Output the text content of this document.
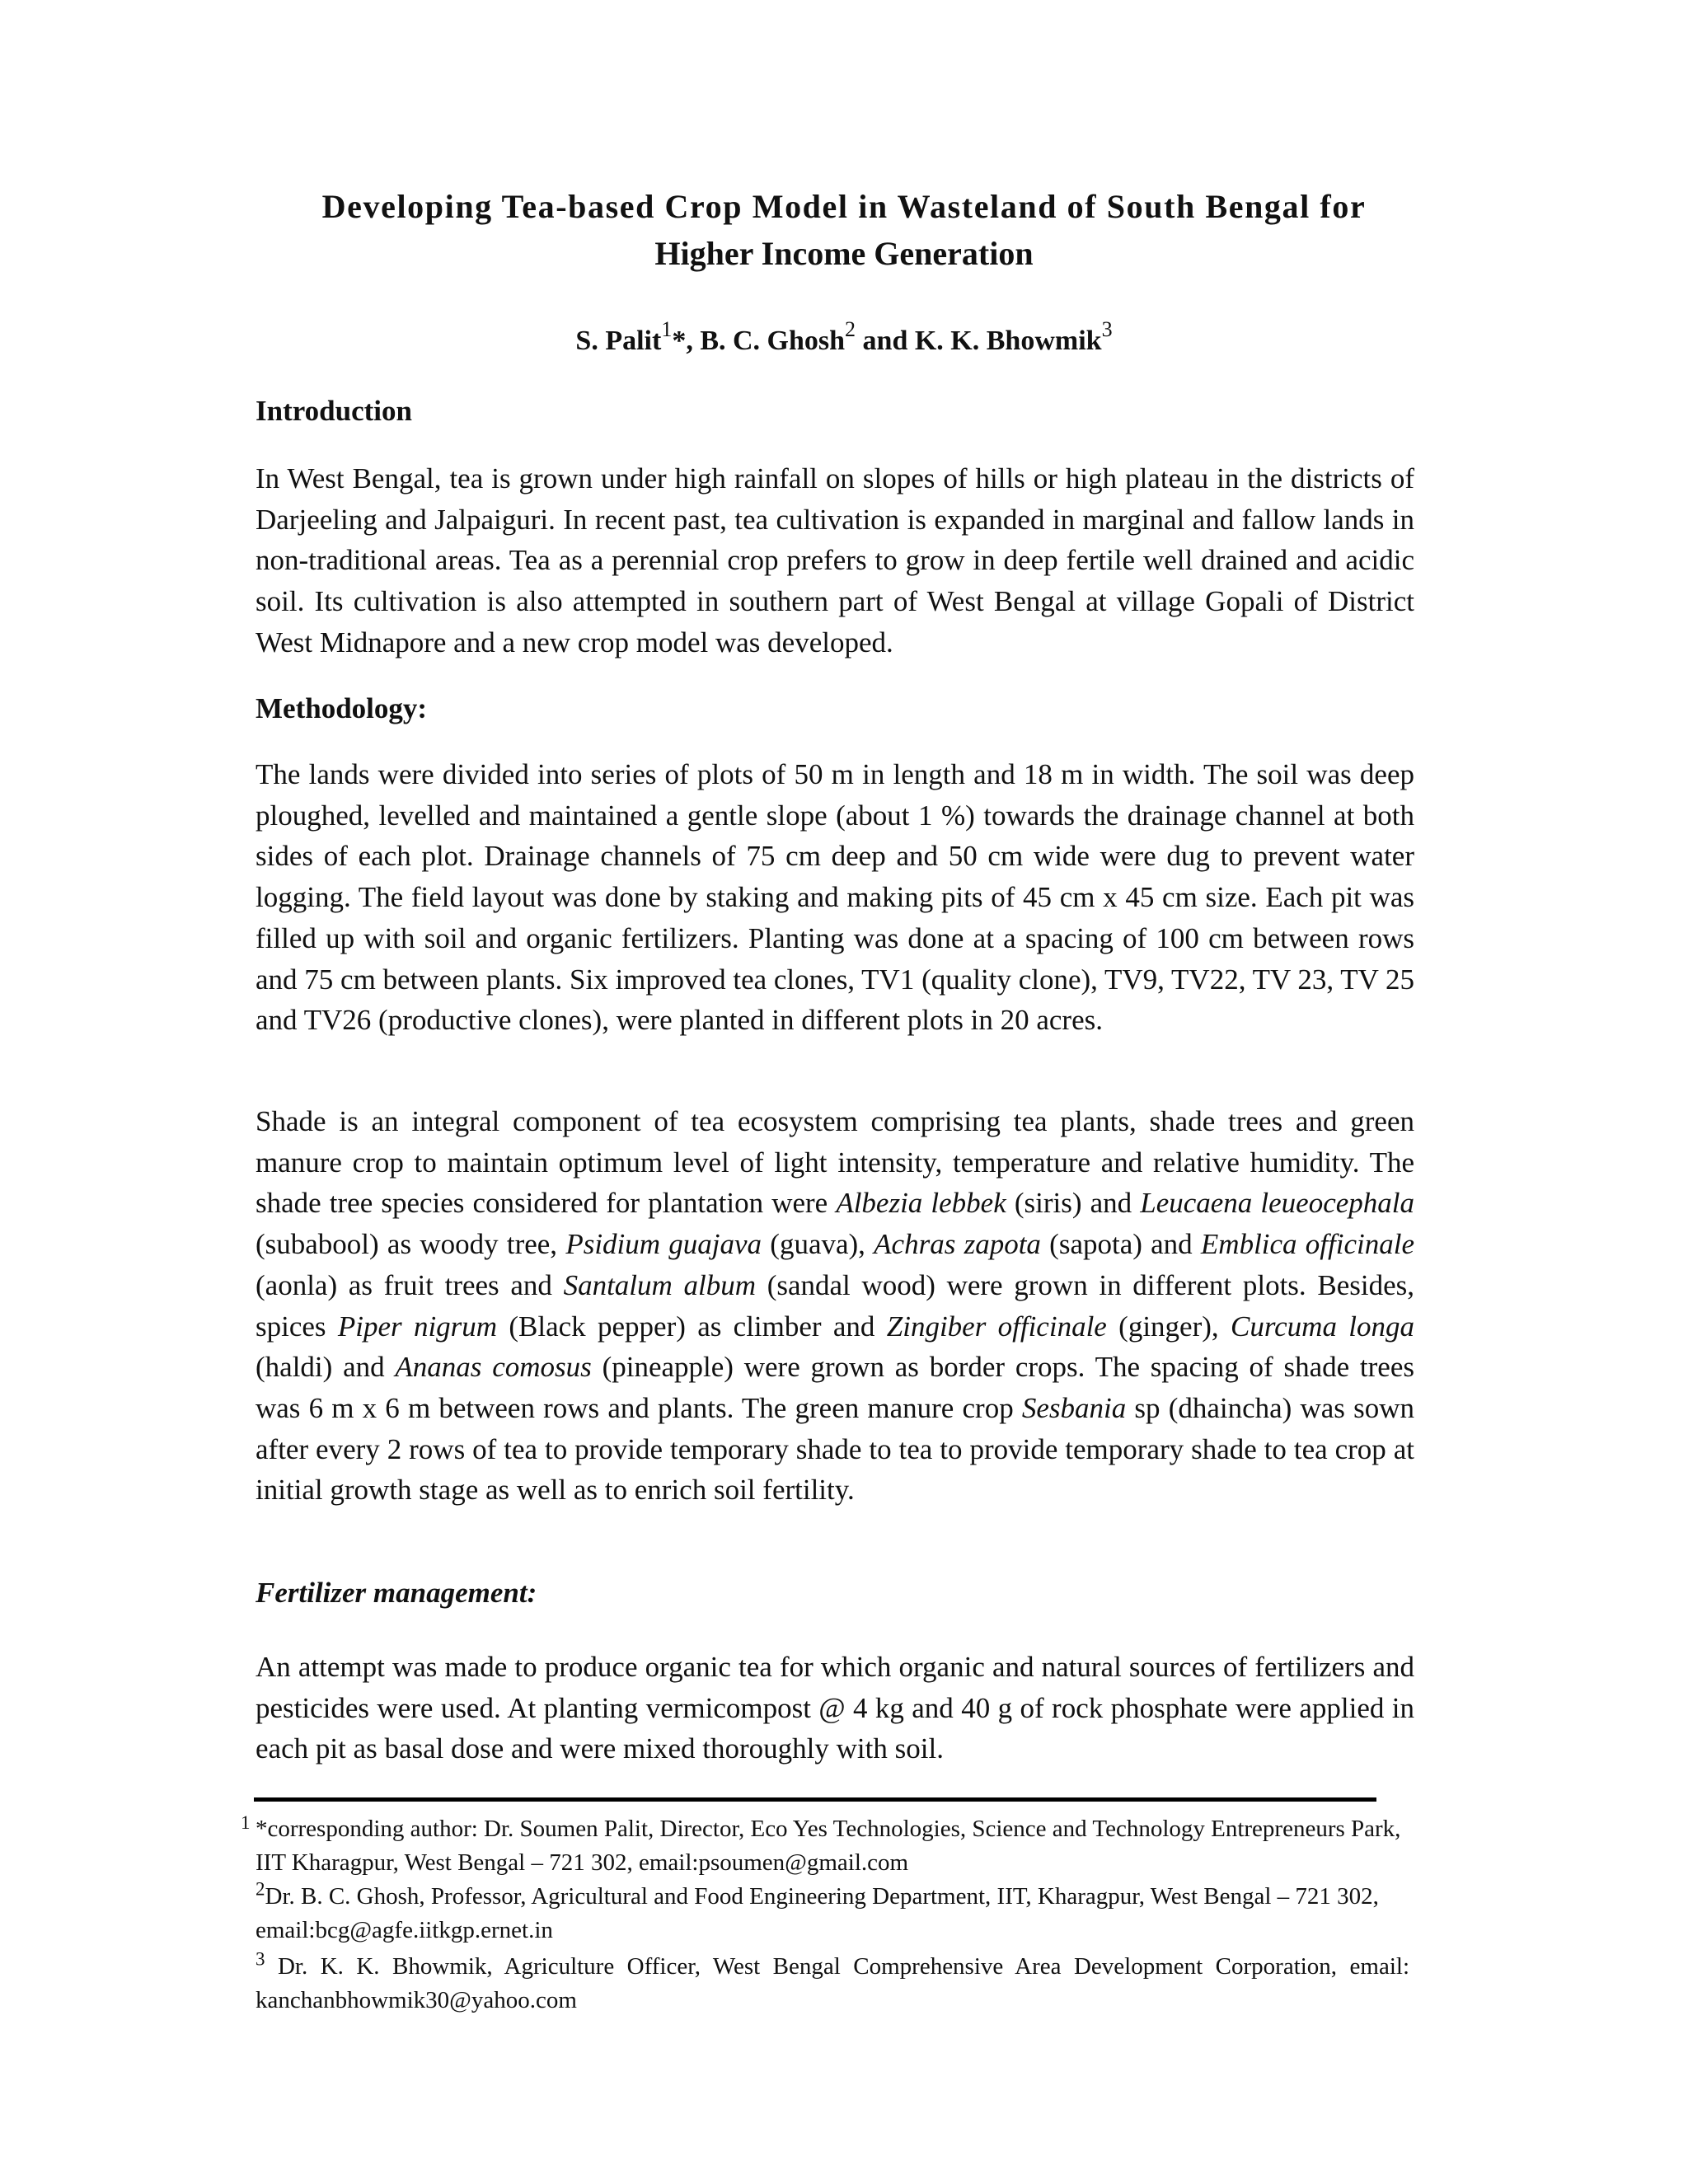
Developing Tea-based Crop Model in Wasteland of South Bengal for
Higher Income Generation

S. Palit$^1$*, B. C. Ghosh$^2$ and K. K. Bhowmik$^3$

Introduction

In West Bengal, tea is grown under high rainfall on slopes of hills or high plateau in the districts of Darjeeling and Jalpaiguri. In recent past, tea cultivation is expanded in marginal and fallow lands in non-traditional areas. Tea as a perennial crop prefers to grow in deep fertile well drained and acidic soil. Its cultivation is also attempted in southern part of West Bengal at village Gopali of District West Midnapore and a new crop model was developed.

Methodology:

The lands were divided into series of plots of 50 m in length and 18 m in width. The soil was deep ploughed, levelled and maintained a gentle slope (about 1 %) towards the drainage channel at both sides of each plot. Drainage channels of 75 cm deep and 50 cm wide were dug to prevent water logging. The field layout was done by staking and making pits of 45 cm x 45 cm size. Each pit was filled up with soil and organic fertilizers. Planting was done at a spacing of 100 cm between rows and 75 cm between plants. Six improved tea clones, TV1 (quality clone), TV9, TV22, TV 23, TV 25 and TV26 (productive clones), were planted in different plots in 20 acres.

Shade is an integral component of tea ecosystem comprising tea plants, shade trees and green manure crop to maintain optimum level of light intensity, temperature and relative humidity. The shade tree species considered for plantation were Albezia lebbek (siris) and Leucaena leueocephala (subabool) as woody tree, Psidium guajava (guava), Achras zapota (sapota) and Emblica officinale (aonla) as fruit trees and Santalum album (sandal wood) were grown in different plots. Besides, spices Piper nigrum (Black pepper) as climber and Zingiber officinale (ginger), Curcuma longa (haldi) and Ananas comosus (pineapple) were grown as border crops. The spacing of shade trees was 6 m x 6 m between rows and plants. The green manure crop Sesbania sp (dhaincha) was sown after every 2 rows of tea to provide temporary shade to tea to provide temporary shade to tea crop at initial growth stage as well as to enrich soil fertility.

Fertilizer management:

An attempt was made to produce organic tea for which organic and natural sources of fertilizers and pesticides were used. At planting vermicompost @ 4 kg and 40 g of rock phosphate were applied in each pit as basal dose and were mixed thoroughly with soil.

1 *corresponding author: Dr. Soumen Palit, Director, Eco Yes Technologies, Science and Technology Entrepreneurs Park, IIT Kharagpur, West Bengal – 721 302, email:psoumen@gmail.com

$^2$Dr. B. C. Ghosh, Professor, Agricultural and Food Engineering Department, IIT, Kharagpur, West Bengal – 721 302, email:bcg@agfe.iitkgp.ernet.in

$^3$ Dr. K. K. Bhowmik, Agriculture Officer, West Bengal Comprehensive Area Development Corporation, email: kanchanbhowmik30@yahoo.com
